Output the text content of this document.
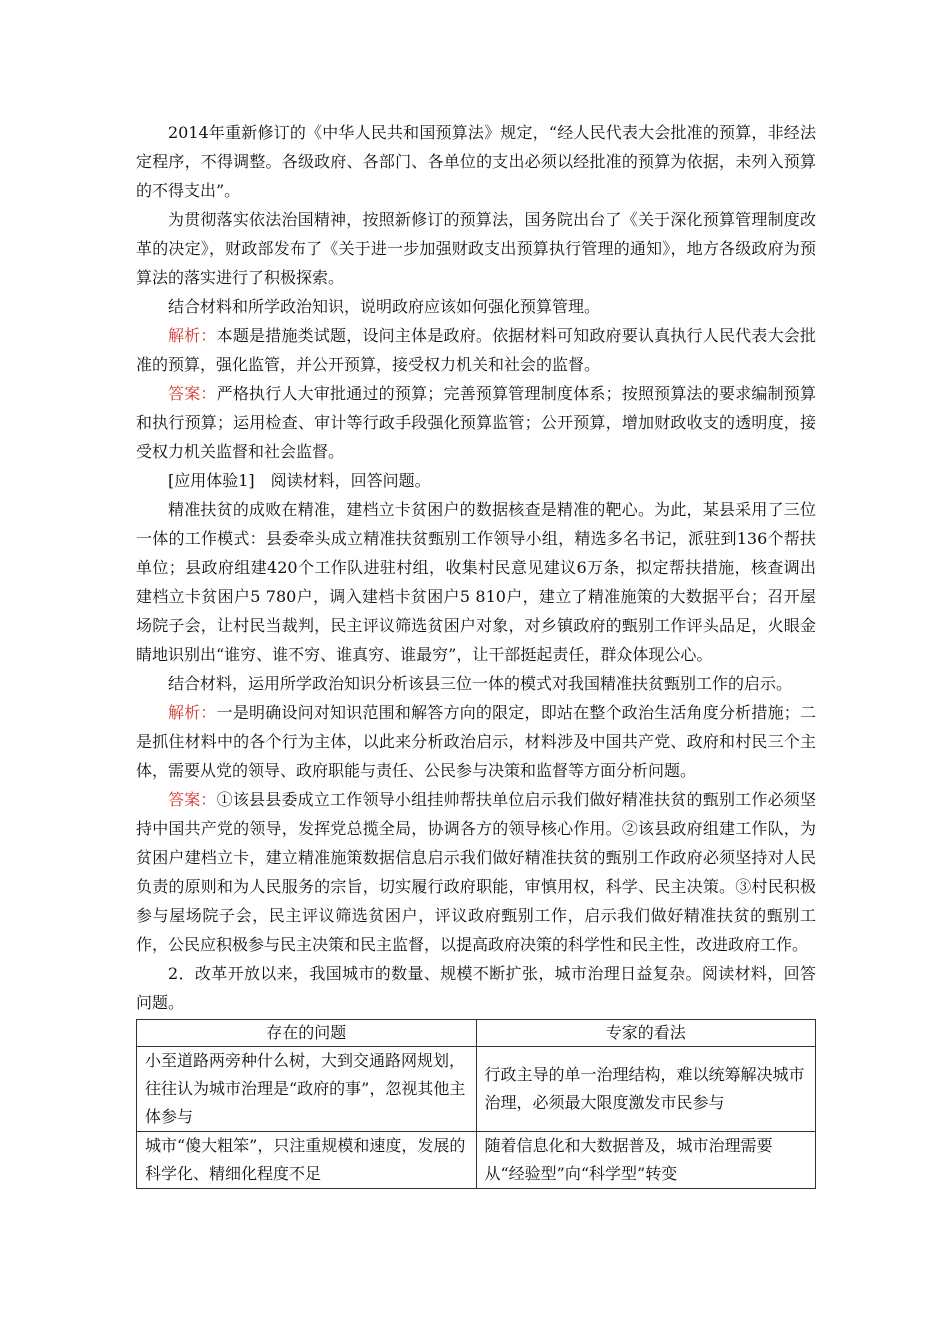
2014年重新修订的《中华人民共和国预算法》规定，“经人民代表大会批准的预算，非经法定程序，不得调整。各级政府、各部门、各单位的支出必须以经批准的预算为依据，未列入预算的不得支出”。

为贯彻落实依法治国精神，按照新修订的预算法，国务院出台了《关于深化预算管理制度改革的决定》，财政部发布了《关于进一步加强财政支出预算执行管理的通知》，地方各级政府为预算法的落实进行了积极探索。

结合材料和所学政治知识，说明政府应该如何强化预算管理。

解析：本题是措施类试题，设问主体是政府。依据材料可知政府要认真执行人民代表大会批准的预算，强化监管，并公开预算，接受权力机关和社会的监督。

答案：严格执行人大审批通过的预算；完善预算管理制度体系；按照预算法的要求编制预算和执行预算；运用检查、审计等行政手段强化预算监管；公开预算，增加财政收支的透明度，接受权力机关监督和社会监督。

[应用体验1]　阅读材料，回答问题。

精准扶贫的成败在精准，建档立卡贫困户的数据核查是精准的靶心。为此，某县采用了三位一体的工作模式：县委牵头成立精准扶贫甄别工作领导小组，精选多名书记，派驻到136个帮扶单位；县政府组建420个工作队进驻村组，收集村民意见建议6万条，拟定帮扶措施，核查调出建档立卡贫困户5 780户，调入建档卡贫困户5 810户，建立了精准施策的大数据平台；召开屋场院子会，让村民当裁判，民主评议筛选贫困户对象，对乡镇政府的甄别工作评头品足，火眼金睛地识别出“谁穷、谁不穷、谁真穷、谁最穷”，让干部挺起责任，群众体现公心。

结合材料，运用所学政治知识分析该县三位一体的模式对我国精准扶贫甄别工作的启示。

解析：一是明确设问对知识范围和解答方向的限定，即站在整个政治生活角度分析措施；二是抓住材料中的各个行为主体，以此来分析政治启示，材料涉及中国共产党、政府和村民三个主体，需要从党的领导、政府职能与责任、公民参与决策和监督等方面分析问题。

答案：①该县县委成立工作领导小组挂帅帮扶单位启示我们做好精准扶贫的甄别工作必须坚持中国共产党的领导，发挥党总揽全局，协调各方的领导核心作用。②该县政府组建工作队，为贫困户建档立卡，建立精准施策数据信息启示我们做好精准扶贫的甄别工作政府必须坚持对人民负责的原则和为人民服务的宗旨，切实履行政府职能，审慎用权，科学、民主决策。③村民积极参与屋场院子会，民主评议筛选贫困户，评议政府甄别工作，启示我们做好精准扶贫的甄别工作，公民应积极参与民主决策和民主监督，以提高政府决策的科学性和民主性，改进政府工作。

2．改革开放以来，我国城市的数量、规模不断扩张，城市治理日益复杂。阅读材料，回答问题。

存在的问题	专家的看法
小至道路两旁种什么树，大到交通路网规划，往往认为城市治理是“政府的事”，忽视其他主体参与	行政主导的单一治理结构，难以统筹解决城市治理，必须最大限度激发市民参与
城市“傻大粗笨”，只注重规模和速度，发展的科学化、精细化程度不足	随着信息化和大数据普及，城市治理需要从“经验型”向“科学型”转变
